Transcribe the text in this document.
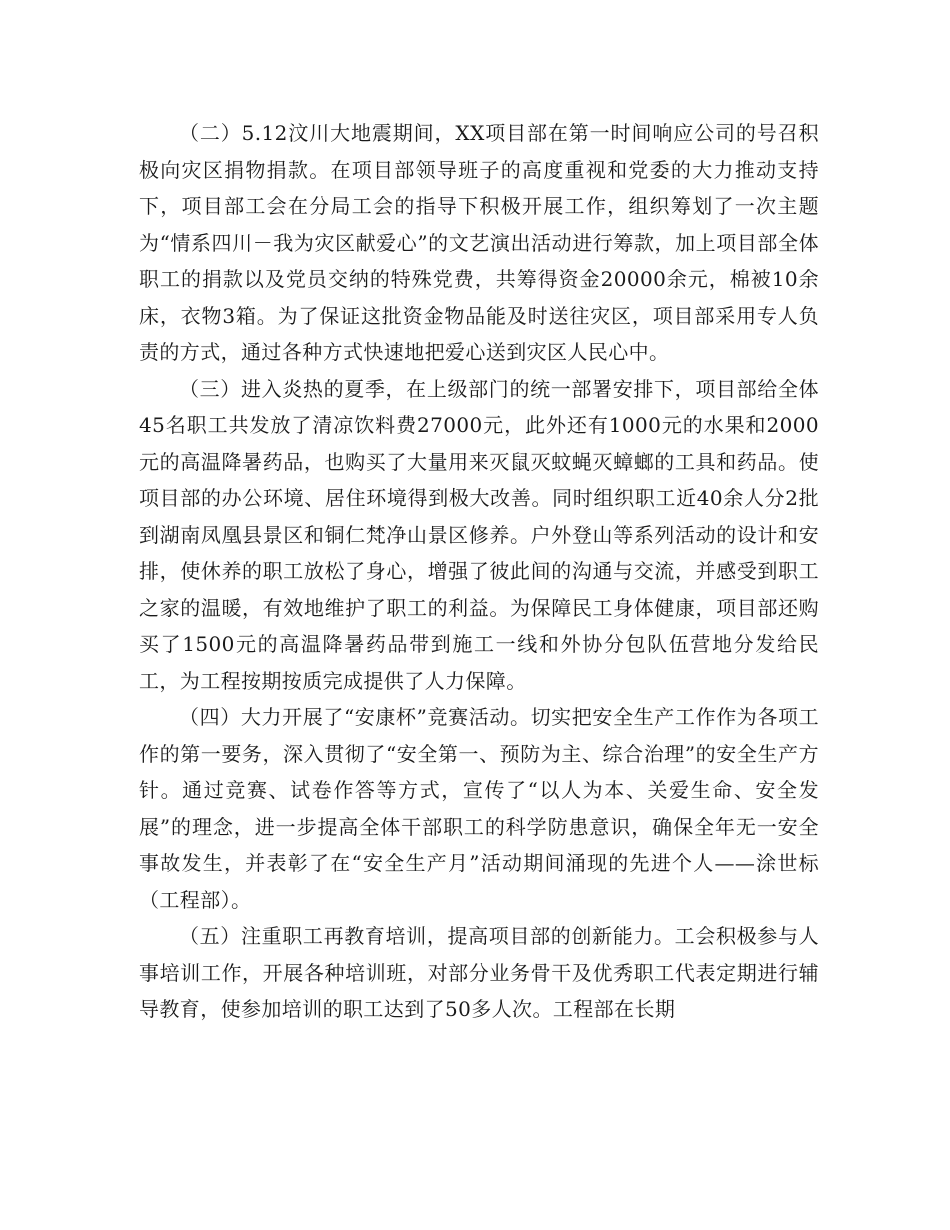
（二）5.12汶川大地震期间，XX项目部在第一时间响应公司的号召积极向灾区捐物捐款。在项目部领导班子的高度重视和党委的大力推动支持下，项目部工会在分局工会的指导下积极开展工作，组织筹划了一次主题为“情系四川－我为灾区献爱心”的文艺演出活动进行筹款，加上项目部全体职工的捐款以及党员交纳的特殊党费，共筹得资金20000余元，棉被10余床，衣物3箱。为了保证这批资金物品能及时送往灾区，项目部采用专人负责的方式，通过各种方式快速地把爱心送到灾区人民心中。

（三）进入炎热的夏季，在上级部门的统一部署安排下，项目部给全体45名职工共发放了清凉饮料费27000元，此外还有1000元的水果和2000元的高温降暑药品，也购买了大量用来灭鼠灭蚊蝇灭蟑螂的工具和药品。使项目部的办公环境、居住环境得到极大改善。同时组织职工近40余人分2批到湖南凤凰县景区和铜仁梵净山景区修养。户外登山等系列活动的设计和安排，使休养的职工放松了身心，增强了彼此间的沟通与交流，并感受到职工之家的温暖，有效地维护了职工的利益。为保障民工身体健康，项目部还购买了1500元的高温降暑药品带到施工一线和外协分包队伍营地分发给民工，为工程按期按质完成提供了人力保障。

（四）大力开展了“安康杯”竞赛活动。切实把安全生产工作作为各项工作的第一要务，深入贯彻了“安全第一、预防为主、综合治理”的安全生产方针。通过竞赛、试卷作答等方式，宣传了“以人为本、关爱生命、安全发展”的理念，进一步提高全体干部职工的科学防患意识，确保全年无一安全事故发生，并表彰了在“安全生产月”活动期间涌现的先进个人——涂世标（工程部）。

（五）注重职工再教育培训，提高项目部的创新能力。工会积极参与人事培训工作，开展各种培训班，对部分业务骨干及优秀职工代表定期进行辅导教育，使参加培训的职工达到了50多人次。工程部在长期
